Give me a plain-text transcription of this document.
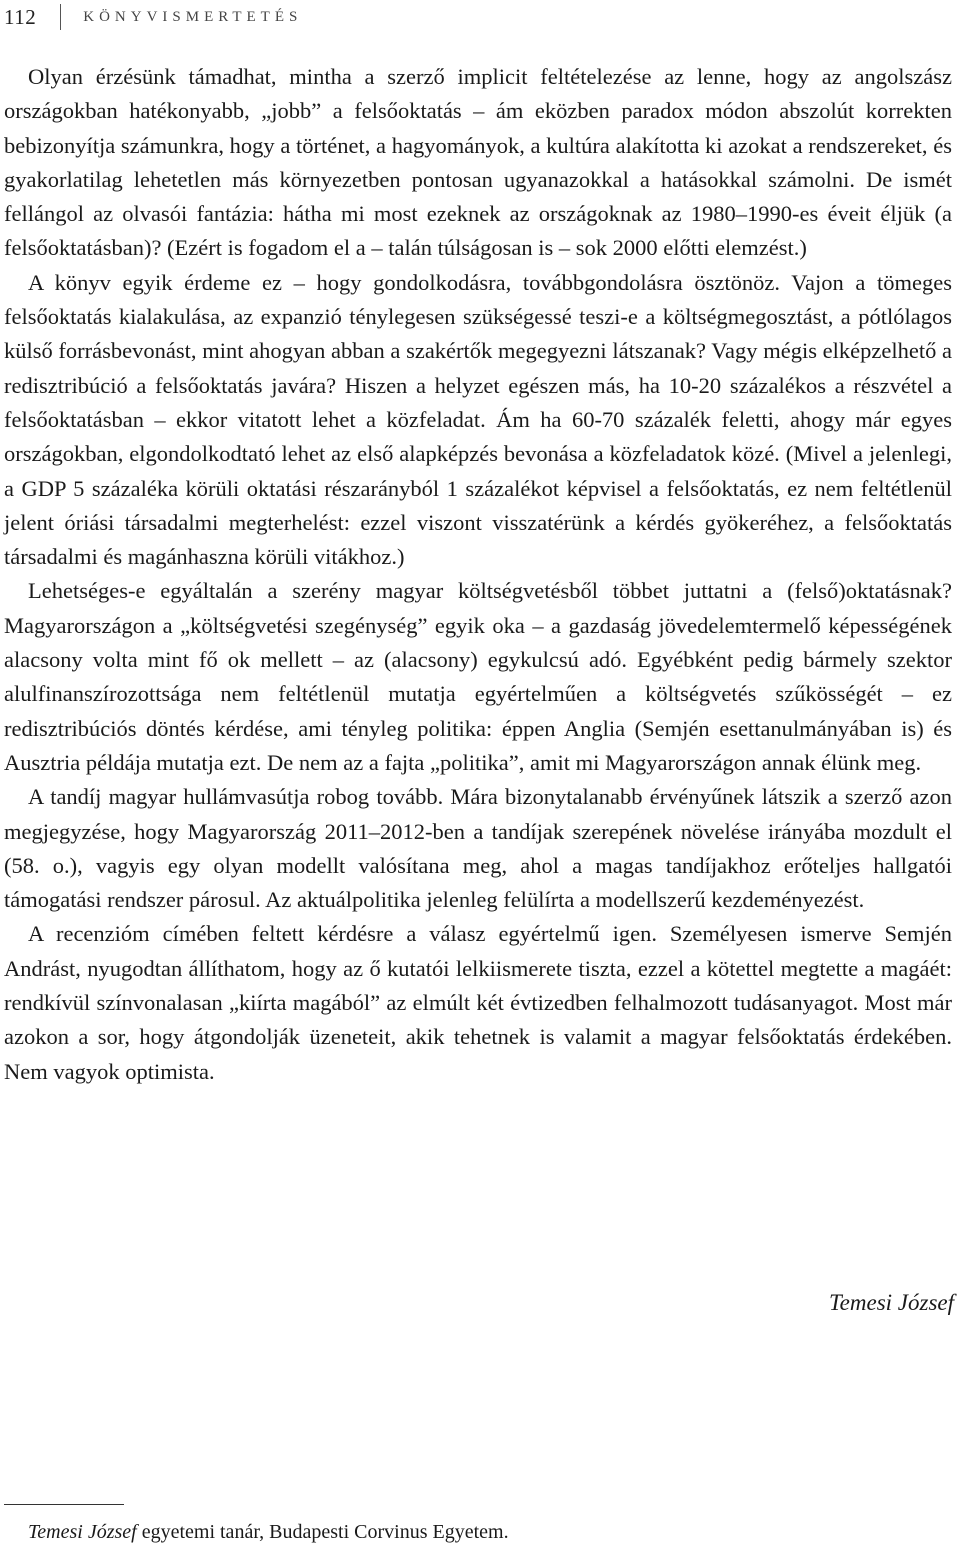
112	KÖNYVISMERTETÉS

Olyan érzésünk támadhat, mintha a szerző implicit feltételezése az lenne, hogy az angolszász országokban hatékonyabb, „jobb” a felsőoktatás – ám eközben paradox módon abszolút korrekten bebizonyítja számunkra, hogy a történet, a hagyományok, a kultúra alakította ki azokat a rendszereket, és gyakorlatilag lehetetlen más környezetben pontosan ugyanazokkal a hatásokkal számolni. De ismét fellángol az olvasói fantázia: hátha mi most ezeknek az országoknak az 1980–1990-es éveit éljük (a felsőoktatásban)? (Ezért is fogadom el a – talán túlságosan is – sok 2000 előtti elemzést.)

A könyv egyik érdeme ez – hogy gondolkodásra, továbbgondolásra ösztönöz. Vajon a tömeges felsőoktatás kialakulása, az expanzió ténylegesen szükségessé teszi-e a költségmegosztást, a pótlólagos külső forrásbevonást, mint ahogyan abban a szakértők megegyezni látszanak? Vagy mégis elképzelhető a redisztribúció a felsőoktatás javára? Hiszen a helyzet egészen más, ha 10-20 százalékos a részvétel a felsőoktatásban – ekkor vitatott lehet a közfeladat. Ám ha 60-70 százalék feletti, ahogy már egyes országokban, elgondolkodtató lehet az első alapképzés bevonása a közfeladatok közé. (Mivel a jelenlegi, a GDP 5 százaléka körüli oktatási részarányból 1 százalékot képvisel a felsőoktatás, ez nem feltétlenül jelent óriási társadalmi megterhelést: ezzel viszont visszatérünk a kérdés gyökeréhez, a felsőoktatás társadalmi és magánhaszna körüli vitákhoz.)

Lehetséges-e egyáltalán a szerény magyar költségvetésből többet juttatni a (felső)oktatásnak? Magyarországon a „költségvetési szegénység” egyik oka – a gazdaság jövedelemtermelő képességének alacsony volta mint fő ok mellett – az (alacsony) egykulcsú adó. Egyébként pedig bármely szektor alulfinanszírozottsága nem feltétlenül mutatja egyértelműen a költségvetés szűkösségét – ez redisztribúciós döntés kérdése, ami tényleg politika: éppen Anglia (Semjén esettanulmányában is) és Ausztria példája mutatja ezt. De nem az a fajta „politika”, amit mi Magyarországon annak élünk meg.

A tandíj magyar hullámvasútja robog tovább. Mára bizonytalanabb érvényűnek látszik a szerző azon megjegyzése, hogy Magyarország 2011–2012-ben a tandíjak szerepének növelése irányába mozdult el (58. o.), vagyis egy olyan modellt valósítana meg, ahol a magas tandíjakhoz erőteljes hallgatói támogatási rendszer párosul. Az aktuálpolitika jelenleg felülírta a modellszerű kezdeményezést.

A recenzióm címében feltett kérdésre a válasz egyértelmű igen. Személyesen ismerve Semjén Andrást, nyugodtan állíthatom, hogy az ő kutatói lelkiismerete tiszta, ezzel a kötettel megtette a magáét: rendkívül színvonalasan „kiírta magából” az elmúlt két évtizedben felhalmozott tudásanyagot. Most már azokon a sor, hogy átgondolják üzeneteit, akik tehetnek is valamit a magyar felsőoktatás érdekében. Nem vagyok optimista.

Temesi József
Temesi József egyetemi tanár, Budapesti Corvinus Egyetem.
